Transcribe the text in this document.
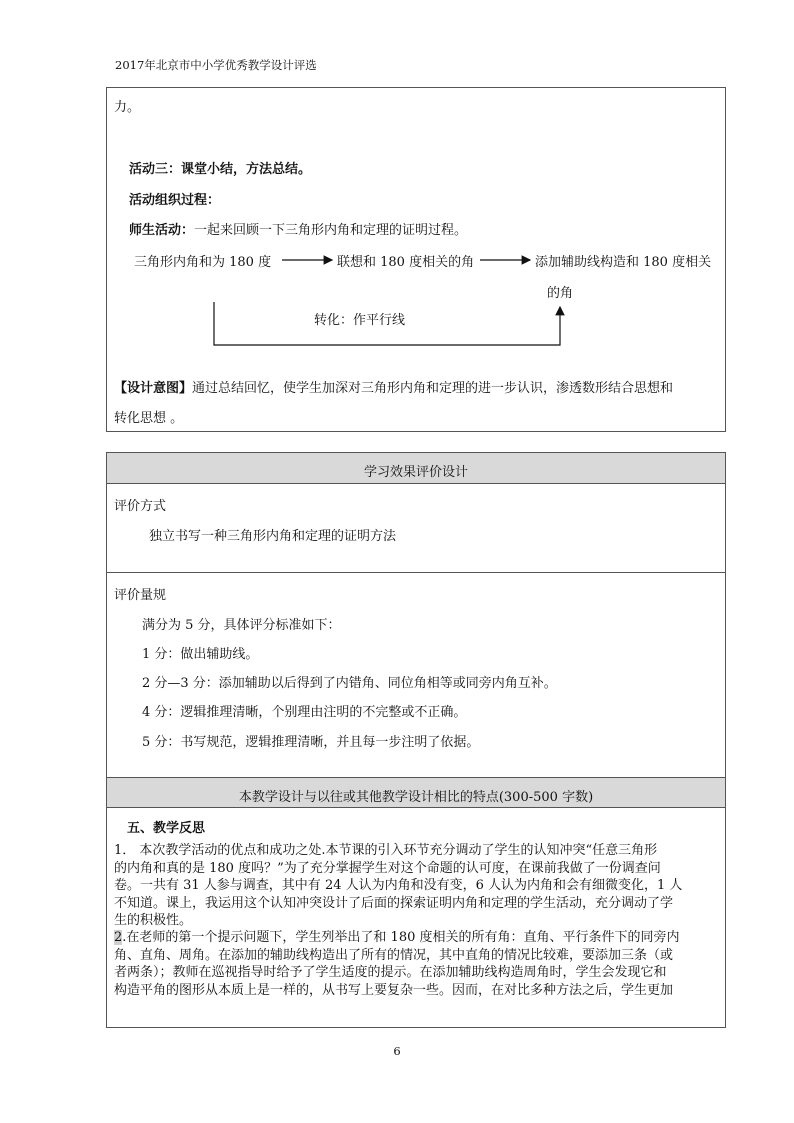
2017年北京市中小学优秀教学设计评选
力。
活动三：课堂小结，方法总结。
活动组织过程：
师生活动：一起来回顾一下三角形内角和定理的证明过程。
三角形内角和为 180 度	联想和 180 度相关的角	添加辅助线构造和 180 度相关
的角
转化：作平行线
【设计意图】通过总结回忆，使学生加深对三角形内角和定理的进一步认识，渗透数形结合思想和
转化思想 。
学习效果评价设计
评价方式
独立书写一种三角形内角和定理的证明方法
评价量规
满分为 5 分，具体评分标准如下：
1 分：做出辅助线。
2 分—3 分：添加辅助以后得到了内错角、同位角相等或同旁内角互补。
4 分：逻辑推理清晰，个别理由注明的不完整或不正确。
5 分：书写规范，逻辑推理清晰，并且每一步注明了依据。
本教学设计与以往或其他教学设计相比的特点(300-500 字数)
五、教学反思
1． 本次教学活动的优点和成功之处.本节课的引入环节充分调动了学生的认知冲突“任意三角形
的内角和真的是 180 度吗？”为了充分掌握学生对这个命题的认可度，在课前我做了一份调查问
卷。一共有 31 人参与调查，其中有 24 人认为内角和没有变，6 人认为内角和会有细微变化，1 人
不知道。课上，我运用这个认知冲突设计了后面的探索证明内角和定理的学生活动，充分调动了学
生的积极性。
2.在老师的第一个提示问题下，学生列举出了和 180 度相关的所有角：直角、平行条件下的同旁内
角、直角、周角。在添加的辅助线构造出了所有的情况，其中直角的情况比较难，要添加三条（或
者两条）；教师在巡视指导时给予了学生适度的提示。在添加辅助线构造周角时，学生会发现它和
构造平角的图形从本质上是一样的，从书写上要复杂一些。因而，在对比多种方法之后，学生更加
6
